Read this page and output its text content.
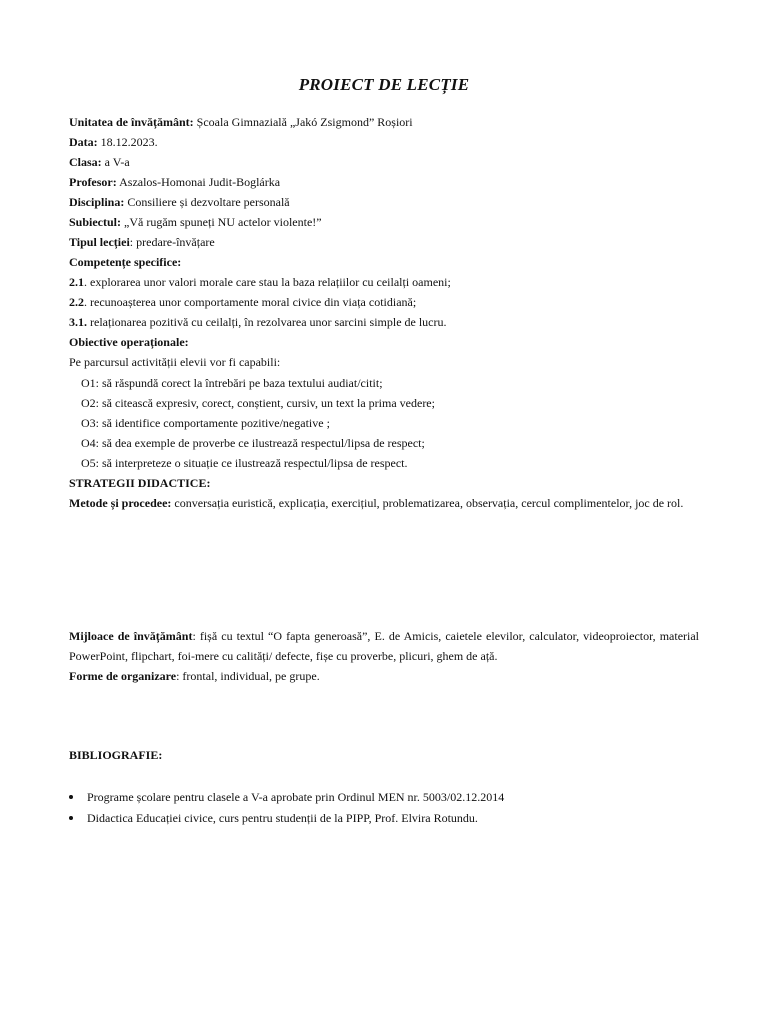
PROIECT DE LECȚIE
Unitatea de învățământ: Școala Gimnazială „Jakó Zsigmond” Roșiori
Data: 18.12.2023.
Clasa: a V-a
Profesor: Aszalos-Homonai Judit-Boglárka
Disciplina: Consiliere și dezvoltare personală
Subiectul: „Vă rugăm spuneți NU actelor violente!”
Tipul lecției: predare-învățare
Competențe specifice:
2.1. explorarea unor valori morale care stau la baza relațiilor cu ceilalți oameni;
2.2. recunoașterea unor comportamente moral civice din viața cotidiană;
3.1. relaționarea pozitivă cu ceilalți, în rezolvarea unor sarcini simple de lucru.
Obiective operaționale:
Pe parcursul activității elevii vor fi capabili:
O1: să răspundă corect la întrebări pe baza textului audiat/citit;
O2: să citească expresiv, corect, conștient, cursiv, un text la prima vedere;
O3: să identifice comportamente pozitive/negative ;
O4: să dea exemple de proverbe ce ilustrează respectul/lipsa de respect;
O5: să interpreteze o situație ce ilustrează respectul/lipsa de respect.
STRATEGII DIDACTICE:
Metode și procedee: conversația euristică, explicația, exercițiul, problematizarea, observația, cercul complimentelor, joc de rol.
Mijloace de învățământ: fișă cu textul “O fapta generoasă”, E. de Amicis, caietele elevilor, calculator, videoproiector, material
PowerPoint, flipchart, foi-mere cu calități/ defecte, fișe cu proverbe, plicuri, ghem de ață.
Forme de organizare: frontal, individual, pe grupe.
BIBLIOGRAFIE:
Programe școlare pentru clasele a V-a aprobate prin Ordinul MEN nr. 5003/02.12.2014
Didactica Educației civice, curs pentru studenții de la PIPP, Prof. Elvira Rotundu.
